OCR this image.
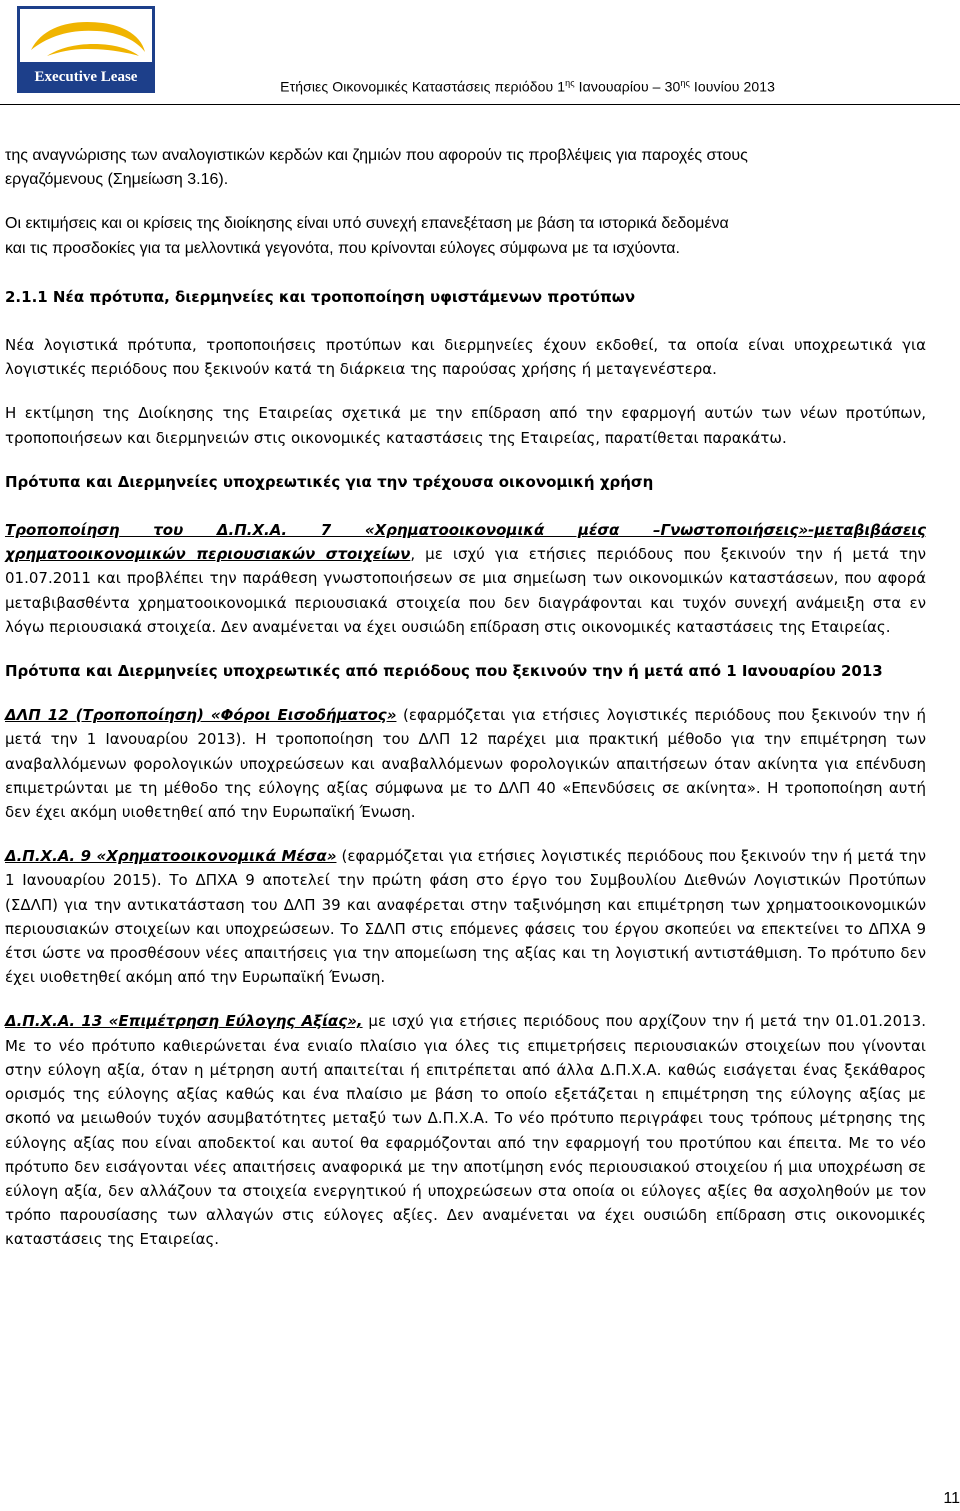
Executive Lease
Ετήσιες Οικονομικές Καταστάσεις περιόδου $1^{\eta\varsigma}$ Ιανουαρίου – $30^{\eta\varsigma}$ Ιουνίου 2013

της αναγνώρισης των αναλογιστικών κερδών και ζημιών που αφορούν τις προβλέψεις για παροχές στους

εργαζόμενους (Σημείωση 3.16).

Οι εκτιμήσεις και οι κρίσεις της διοίκησης είναι υπό συνεχή επανεξέταση με βάση τα ιστορικά δεδομένα

και τις προσδοκίες για τα μελλοντικά γεγονότα, που κρίνονται εύλογες σύμφωνα με τα ισχύοντα.

2.1.1 Νέα πρότυπα, διερμηνείες και τροποποίηση υφιστάμενων προτύπων

Νέα λογιστικά πρότυπα, τροποποιήσεις προτύπων και διερμηνείες έχουν εκδοθεί, τα οποία είναι υποχρεωτικά για λογιστικές περιόδους που ξεκινούν κατά τη διάρκεια της παρούσας χρήσης ή μεταγενέστερα.

Η εκτίμηση της Διοίκησης της Εταιρείας σχετικά με την επίδραση από την εφαρμογή αυτών των νέων προτύπων, τροποποιήσεων και διερμηνειών στις οικονομικές καταστάσεις της Εταιρείας, παρατίθεται παρακάτω.

Πρότυπα και Διερμηνείες υποχρεωτικές για την τρέχουσα οικονομική χρήση

Τροποποίηση του Δ.Π.Χ.Α. 7 «Χρηματοοικονομικά μέσα –Γνωστοποιήσεις»-μεταβιβάσεις χρηματοοικονομικών περιουσιακών στοιχείων, με ισχύ για ετήσιες περιόδους που ξεκινούν την ή μετά την 01.07.2011 και προβλέπει την παράθεση γνωστοποιήσεων σε μια σημείωση των οικονομικών καταστάσεων, που αφορά μεταβιβασθέντα χρηματοοικονομικά περιουσιακά στοιχεία που δεν διαγράφονται και τυχόν συνεχή ανάμειξη στα εν λόγω περιουσιακά στοιχεία. Δεν αναμένεται να έχει ουσιώδη επίδραση στις οικονομικές καταστάσεις της Εταιρείας.

Πρότυπα και Διερμηνείες υποχρεωτικές από περιόδους που ξεκινούν την ή μετά από 1 Ιανουαρίου 2013

ΔΛΠ 12 (Τροποποίηση) «Φόροι Εισοδήματος» (εφαρμόζεται για ετήσιες λογιστικές περιόδους που ξεκινούν την ή μετά την 1 Ιανουαρίου 2013). Η τροποποίηση του ΔΛΠ 12 παρέχει μια πρακτική μέθοδο για την επιμέτρηση των αναβαλλόμενων φορολογικών υποχρεώσεων και αναβαλλόμενων φορολογικών απαιτήσεων όταν ακίνητα για επένδυση επιμετρώνται με τη μέθοδο της εύλογης αξίας σύμφωνα με το ΔΛΠ 40 «Επενδύσεις σε ακίνητα». Η τροποποίηση αυτή δεν έχει ακόμη υιοθετηθεί από την Ευρωπαϊκή Ένωση.

Δ.Π.Χ.Α. 9 «Χρηματοοικονομικά Μέσα» (εφαρμόζεται για ετήσιες λογιστικές περιόδους που ξεκινούν την ή μετά την 1 Ιανουαρίου 2015). Το ΔΠΧΑ 9 αποτελεί την πρώτη φάση στο έργο του Συμβουλίου Διεθνών Λογιστικών Προτύπων (ΣΔΛΠ) για την αντικατάσταση του ΔΛΠ 39 και αναφέρεται στην ταξινόμηση και επιμέτρηση των χρηματοοικονομικών περιουσιακών στοιχείων και υποχρεώσεων. Το ΣΔΛΠ στις επόμενες φάσεις του έργου σκοπεύει να επεκτείνει το ΔΠΧΑ 9 έτσι ώστε να προσθέσουν νέες απαιτήσεις για την απομείωση της αξίας και τη λογιστική αντιστάθμιση. Το πρότυπο δεν έχει υιοθετηθεί ακόμη από την Ευρωπαϊκή Ένωση.

Δ.Π.Χ.Α. 13 «Επιμέτρηση Εύλογης Αξίας», με ισχύ για ετήσιες περιόδους που αρχίζουν την ή μετά την 01.01.2013. Με το νέο πρότυπο καθιερώνεται ένα ενιαίο πλαίσιο για όλες τις επιμετρήσεις περιουσιακών στοιχείων που γίνονται στην εύλογη αξία, όταν η μέτρηση αυτή απαιτείται ή επιτρέπεται από άλλα Δ.Π.Χ.Α. καθώς εισάγεται ένας ξεκάθαρος ορισμός της εύλογης αξίας καθώς και ένα πλαίσιο με βάση το οποίο εξετάζεται η επιμέτρηση της εύλογης αξίας με σκοπό να μειωθούν τυχόν ασυμβατότητες μεταξύ των Δ.Π.Χ.Α. Το νέο πρότυπο περιγράφει τους τρόπους μέτρησης της εύλογης αξίας που είναι αποδεκτοί και αυτοί θα εφαρμόζονται από την εφαρμογή του προτύπου και έπειτα. Με το νέο πρότυπο δεν εισάγονται νέες απαιτήσεις αναφορικά με την αποτίμηση ενός περιουσιακού στοιχείου ή μια υποχρέωση σε εύλογη αξία, δεν αλλάζουν τα στοιχεία ενεργητικού ή υποχρεώσεων στα οποία οι εύλογες αξίες θα ασχοληθούν με τον τρόπο παρουσίασης των αλλαγών στις εύλογες αξίες. Δεν αναμένεται να έχει ουσιώδη επίδραση στις οικονομικές καταστάσεις της Εταιρείας.

11
